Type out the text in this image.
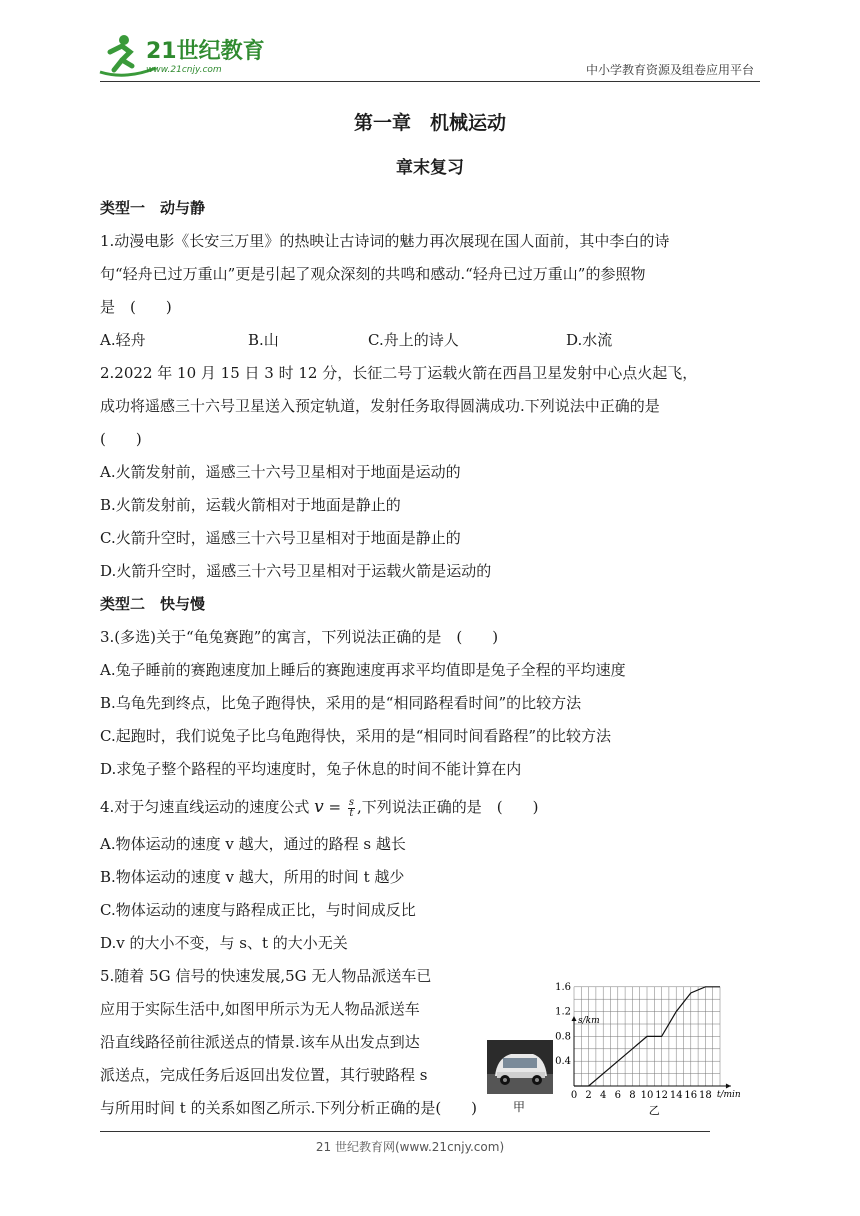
21世纪教育
www.21cnjy.com	中小学教育资源及组卷应用平台
第一章　机械运动
章末复习
类型一　动与静
1.动漫电影《长安三万里》的热映让古诗词的魅力再次展现在国人面前，其中李白的诗
句“轻舟已过万重山”更是引起了观众深刻的共鸣和感动.“轻舟已过万重山”的参照物
是　(　　)
A.轻舟	B.山	C.舟上的诗人	D.水流
2.2022 年 10 月 15 日 3 时 12 分，长征二号丁运载火箭在西昌卫星发射中心点火起飞，
成功将遥感三十六号卫星送入预定轨道，发射任务取得圆满成功.下列说法中正确的是
(　　)
A.火箭发射前，遥感三十六号卫星相对于地面是运动的
B.火箭发射前，运载火箭相对于地面是静止的
C.火箭升空时，遥感三十六号卫星相对于地面是静止的
D.火箭升空时，遥感三十六号卫星相对于运载火箭是运动的
类型二　快与慢
3.(多选)关于“龟兔赛跑”的寓言，下列说法正确的是　(　　)
A.兔子睡前的赛跑速度加上睡后的赛跑速度再求平均值即是兔子全程的平均速度
B.乌龟先到终点，比兔子跑得快，采用的是“相同路程看时间”的比较方法
C.起跑时，我们说兔子比乌龟跑得快，采用的是“相同时间看路程”的比较方法
D.求兔子整个路程的平均速度时，兔子休息的时间不能计算在内
4.对于匀速直线运动的速度公式 $v = \frac{s}{t}$ ,下列说法正确的是　(　　)
A.物体运动的速度 v 越大，通过的路程 s 越长
B.物体运动的速度 v 越大，所用的时间 t 越少
C.物体运动的速度与路程成正比，与时间成反比
D.v 的大小不变，与 s、t 的大小无关
5.随着 5G 信号的快速发展,5G 无人物品派送车已
应用于实际生活中,如图甲所示为无人物品派送车
沿直线路径前往派送点的情景.该车从出发点到达
派送点，完成任务后返回出发位置，其行驶路程 s
与所用时间 t 的关系如图乙所示.下列分析正确的是(　　)	甲
s/km
0.4
0.8
1.2
1.6
0 2 4 6 8 10 12 14 16 18 t/min
乙
21 世纪教育网(www.21cnjy.com)
